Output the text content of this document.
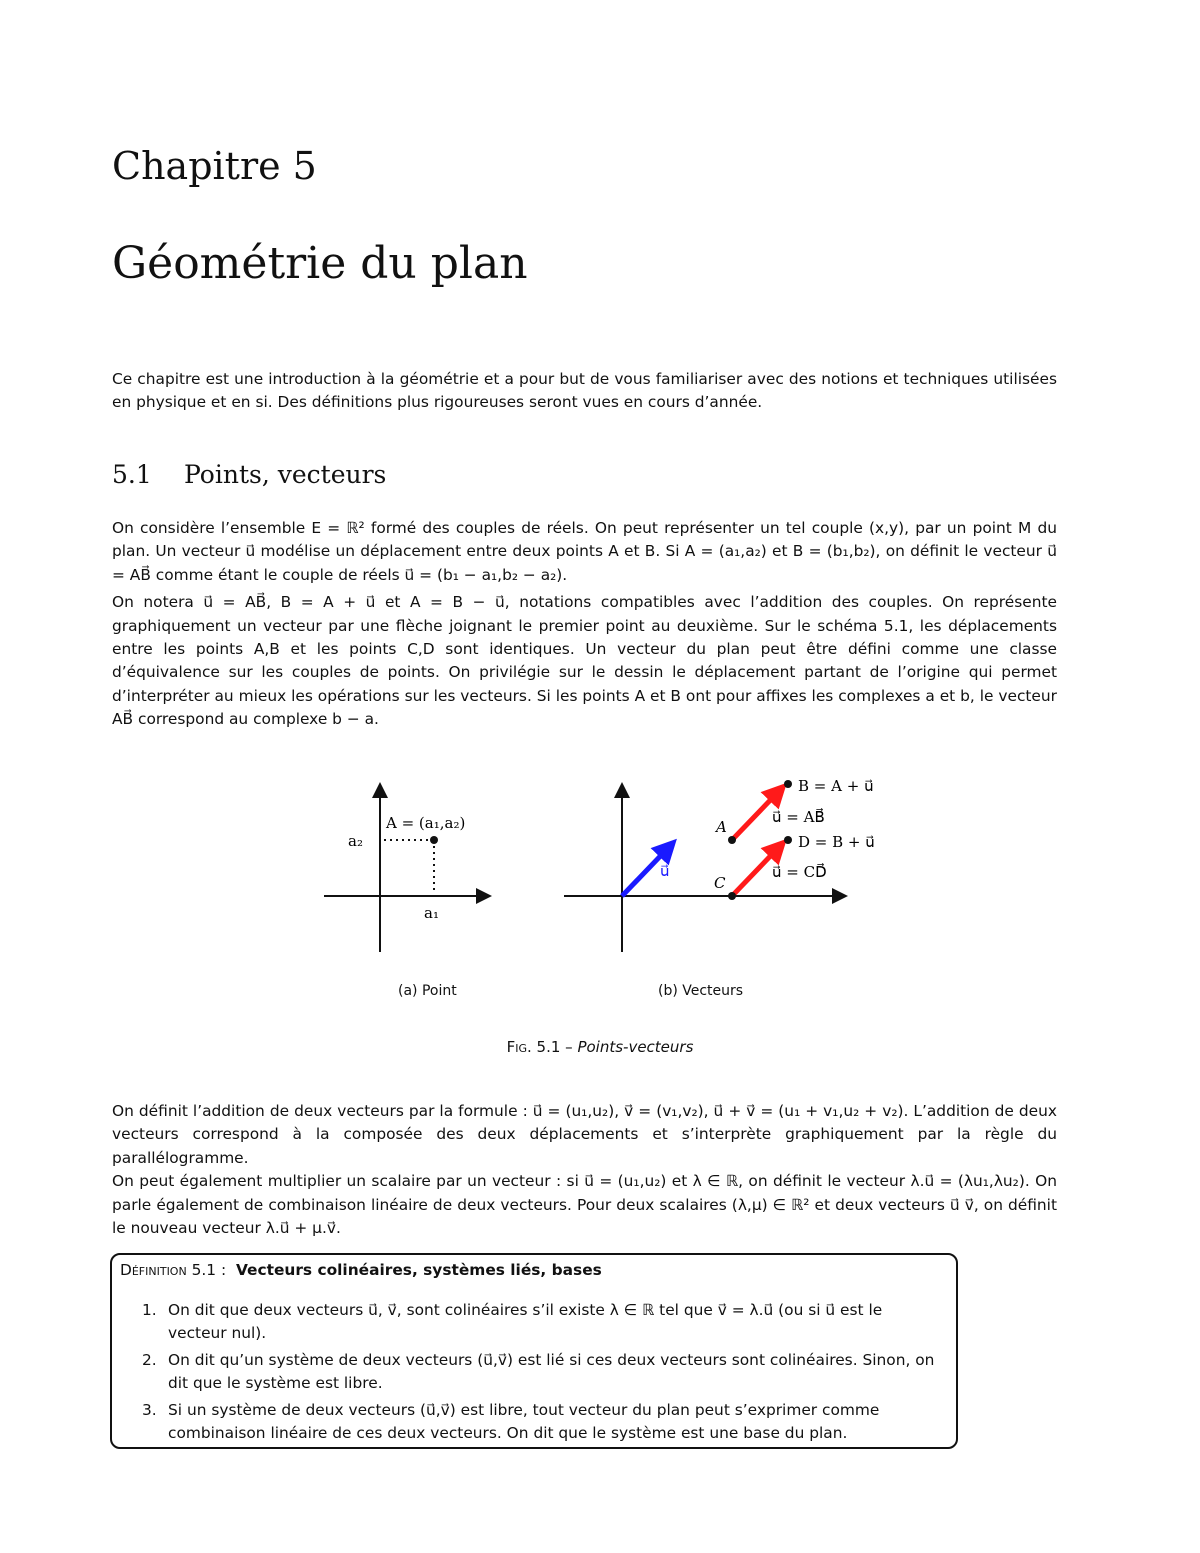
Chapitre 5
Géométrie du plan

Ce chapitre est une introduction à la géométrie et a pour but de vous familiariser avec des notions et techniques utilisées en physique et en si. Des définitions plus rigoureuses seront vues en cours d’année.

5.1 Points, vecteurs

On considère l’ensemble E = ℝ² formé des couples de réels. On peut représenter un tel couple (x,y), par un point M du plan. Un vecteur u⃗ modélise un déplacement entre deux points A et B. Si A = (a₁,a₂) et B = (b₁,b₂), on définit le vecteur u⃗ = AB⃗ comme étant le couple de réels u⃗ = (b₁ − a₁,b₂ − a₂).

On notera u⃗ = AB⃗, B = A + u⃗ et A = B − u⃗, notations compatibles avec l’addition des couples. On représente graphiquement un vecteur par une flèche joignant le premier point au deuxième. Sur le schéma 5.1, les déplacements entre les points A,B et les points C,D sont identiques. Un vecteur du plan peut être défini comme une classe d’équivalence sur les couples de points. On privilégie sur le dessin le déplacement partant de l’origine qui permet d’interpréter au mieux les opérations sur les vecteurs. Si les points A et B ont pour affixes les complexes a et b, le vecteur AB⃗ correspond au complexe b − a.

A = (a₁,a₂)
a₂
a₁
u⃗
A
C
B = A + u⃗
u⃗ = AB⃗
D = B + u⃗
u⃗ = CD⃗
(a) Point	(b) Vecteurs
Fig. 5.1 – Points-vecteurs

On définit l’addition de deux vecteurs par la formule : u⃗ = (u₁,u₂), v⃗ = (v₁,v₂), u⃗ + v⃗ = (u₁ + v₁,u₂ + v₂). L’addition de deux vecteurs correspond à la composée des deux déplacements et s’interprète graphiquement par la règle du parallélogramme.

On peut également multiplier un scalaire par un vecteur : si u⃗ = (u₁,u₂) et λ ∈ ℝ, on définit le vecteur λ.u⃗ = (λu₁,λu₂). On parle également de combinaison linéaire de deux vecteurs. Pour deux scalaires (λ,μ) ∈ ℝ² et deux vecteurs u⃗ v⃗, on définit le nouveau vecteur λ.u⃗ + μ.v⃗.

Définition 5.1 : Vecteurs colinéaires, systèmes liés, bases
1. On dit que deux vecteurs u⃗, v⃗, sont colinéaires s’il existe λ ∈ ℝ tel que v⃗ = λ.u⃗ (ou si u⃗ est le vecteur nul).
2. On dit qu’un système de deux vecteurs (u⃗,v⃗) est lié si ces deux vecteurs sont colinéaires. Sinon, on dit que le système est libre.
3. Si un système de deux vecteurs (u⃗,v⃗) est libre, tout vecteur du plan peut s’exprimer comme combinaison linéaire de ces deux vecteurs. On dit que le système est une base du plan.
